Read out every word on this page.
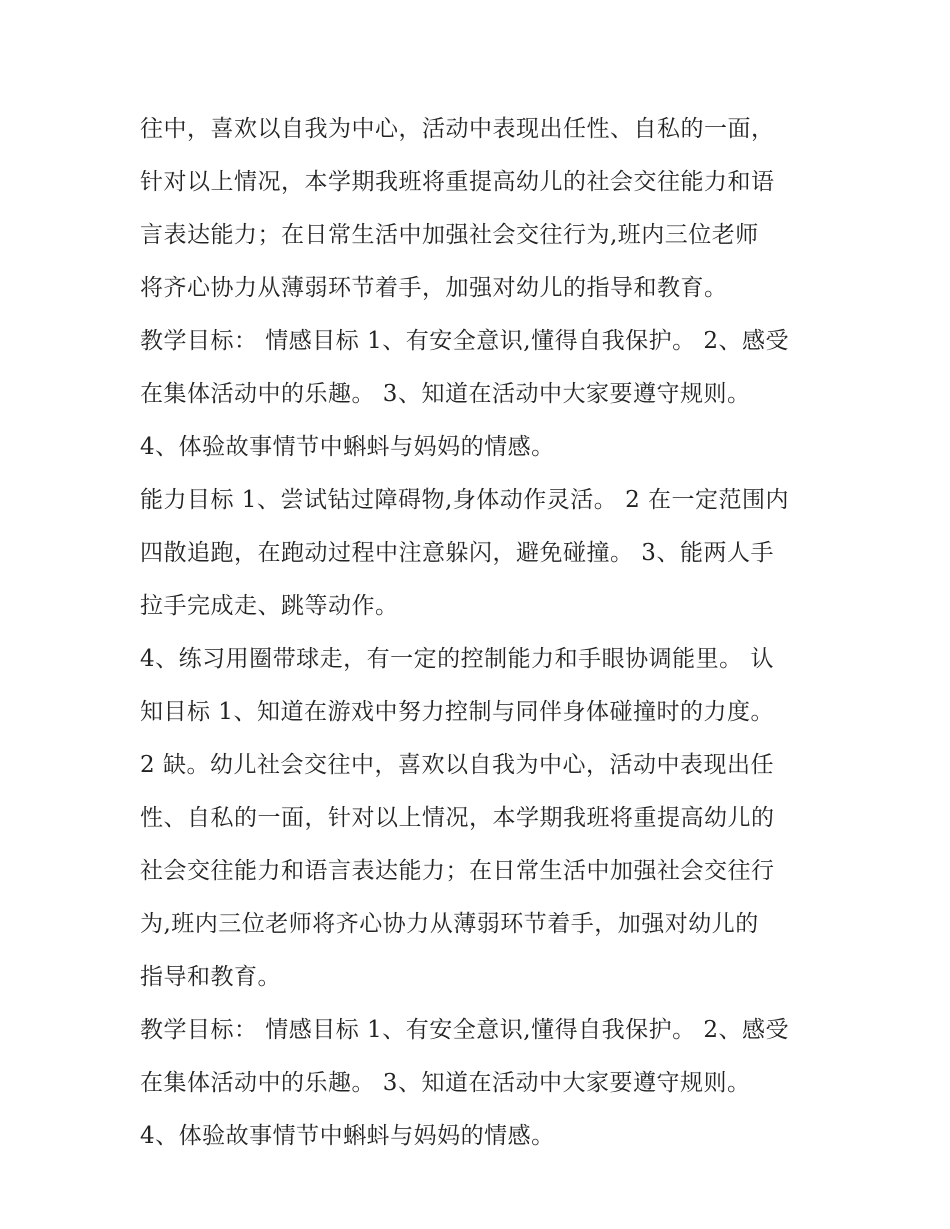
往中，喜欢以自我为中心，活动中表现出任性、自私的一面，
针对以上情况，本学期我班将重提高幼儿的社会交往能力和语
言表达能力；在日常生活中加强社会交往行为,班内三位老师
将齐心协力从薄弱环节着手，加强对幼儿的指导和教育。
教学目标： 情感目标 1、有安全意识,懂得自我保护。 2、感受
在集体活动中的乐趣。 3、知道在活动中大家要遵守规则。
4、体验故事情节中蝌蚪与妈妈的情感。
能力目标 1、尝试钻过障碍物,身体动作灵活。 2 在一定范围内
四散追跑，在跑动过程中注意躲闪，避免碰撞。 3、能两人手
拉手完成走、跳等动作。
4、练习用圈带球走，有一定的控制能力和手眼协调能里。 认
知目标 1、知道在游戏中努力控制与同伴身体碰撞时的力度。
2 缺。幼儿社会交往中，喜欢以自我为中心，活动中表现出任
性、自私的一面，针对以上情况，本学期我班将重提高幼儿的
社会交往能力和语言表达能力；在日常生活中加强社会交往行
为,班内三位老师将齐心协力从薄弱环节着手，加强对幼儿的
指导和教育。
教学目标： 情感目标 1、有安全意识,懂得自我保护。 2、感受
在集体活动中的乐趣。 3、知道在活动中大家要遵守规则。
4、体验故事情节中蝌蚪与妈妈的情感。
